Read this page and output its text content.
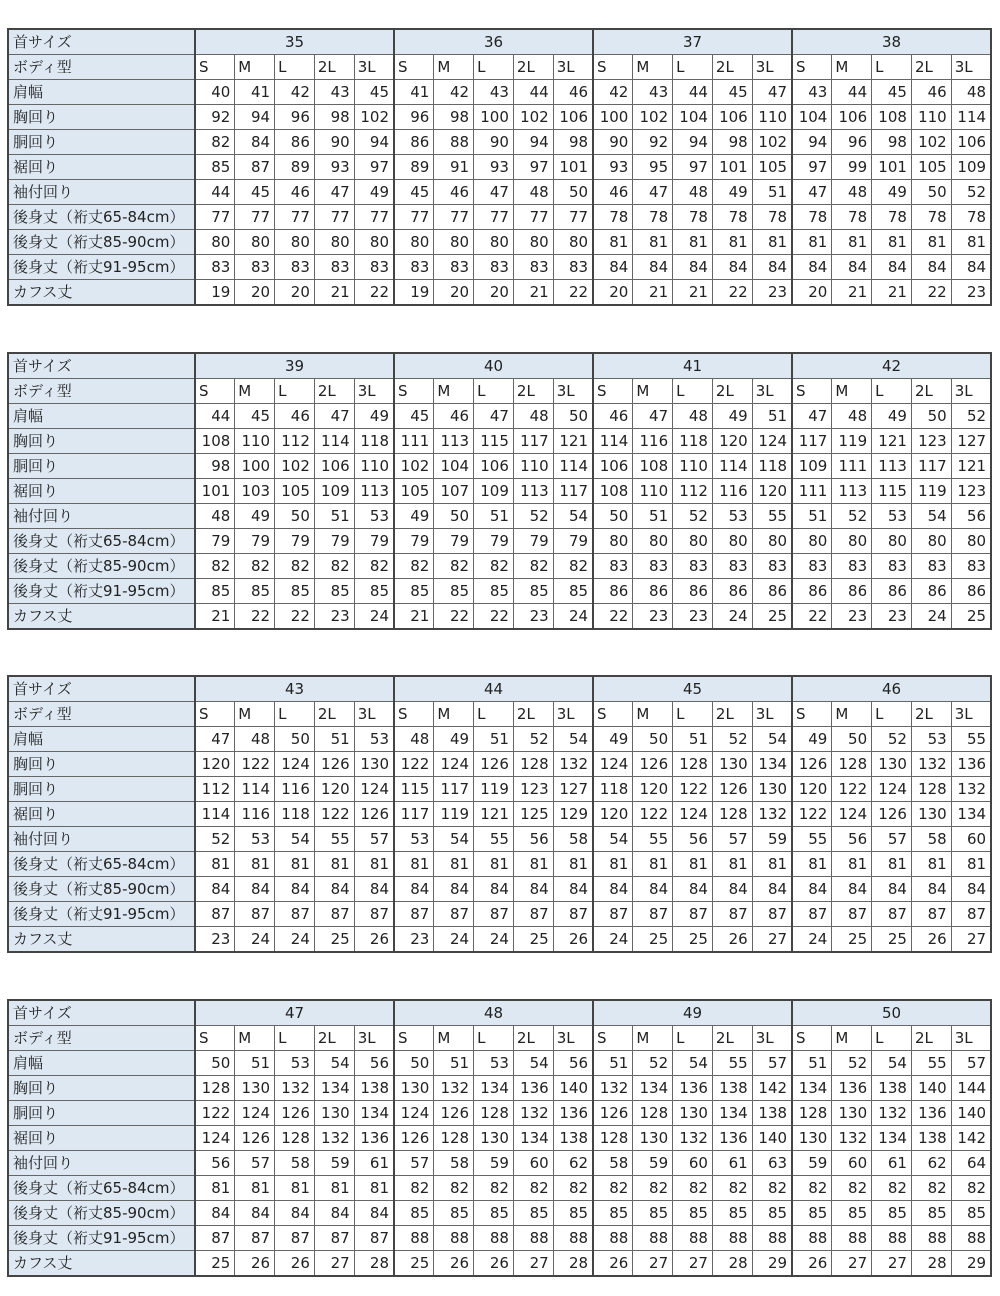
首サイズ	35					36					37					38				
ボディ型	S	M	L	2L	3L	S	M	L	2L	3L	S	M	L	2L	3L	S	M	L	2L	3L
肩幅	40	41	42	43	45	41	42	43	44	46	42	43	44	45	47	43	44	45	46	48
胸回り	92	94	96	98	102	96	98	100	102	106	100	102	104	106	110	104	106	108	110	114
胴回り	82	84	86	90	94	86	88	90	94	98	90	92	94	98	102	94	96	98	102	106
裾回り	85	87	89	93	97	89	91	93	97	101	93	95	97	101	105	97	99	101	105	109
袖付回り	44	45	46	47	49	45	46	47	48	50	46	47	48	49	51	47	48	49	50	52
後身丈（裄丈65-84cm）	77	77	77	77	77	77	77	77	77	77	78	78	78	78	78	78	78	78	78	78
後身丈（裄丈85-90cm）	80	80	80	80	80	80	80	80	80	80	81	81	81	81	81	81	81	81	81	81
後身丈（裄丈91-95cm）	83	83	83	83	83	83	83	83	83	83	84	84	84	84	84	84	84	84	84	84
カフス丈	19	20	20	21	22	19	20	20	21	22	20	21	21	22	23	20	21	21	22	23
首サイズ	39					40					41					42				
ボディ型	S	M	L	2L	3L	S	M	L	2L	3L	S	M	L	2L	3L	S	M	L	2L	3L
肩幅	44	45	46	47	49	45	46	47	48	50	46	47	48	49	51	47	48	49	50	52
胸回り	108	110	112	114	118	111	113	115	117	121	114	116	118	120	124	117	119	121	123	127
胴回り	98	100	102	106	110	102	104	106	110	114	106	108	110	114	118	109	111	113	117	121
裾回り	101	103	105	109	113	105	107	109	113	117	108	110	112	116	120	111	113	115	119	123
袖付回り	48	49	50	51	53	49	50	51	52	54	50	51	52	53	55	51	52	53	54	56
後身丈（裄丈65-84cm）	79	79	79	79	79	79	79	79	79	79	80	80	80	80	80	80	80	80	80	80
後身丈（裄丈85-90cm）	82	82	82	82	82	82	82	82	82	82	83	83	83	83	83	83	83	83	83	83
後身丈（裄丈91-95cm）	85	85	85	85	85	85	85	85	85	85	86	86	86	86	86	86	86	86	86	86
カフス丈	21	22	22	23	24	21	22	22	23	24	22	23	23	24	25	22	23	23	24	25
首サイズ	43					44					45					46				
ボディ型	S	M	L	2L	3L	S	M	L	2L	3L	S	M	L	2L	3L	S	M	L	2L	3L
肩幅	47	48	50	51	53	48	49	51	52	54	49	50	51	52	54	49	50	52	53	55
胸回り	120	122	124	126	130	122	124	126	128	132	124	126	128	130	134	126	128	130	132	136
胴回り	112	114	116	120	124	115	117	119	123	127	118	120	122	126	130	120	122	124	128	132
裾回り	114	116	118	122	126	117	119	121	125	129	120	122	124	128	132	122	124	126	130	134
袖付回り	52	53	54	55	57	53	54	55	56	58	54	55	56	57	59	55	56	57	58	60
後身丈（裄丈65-84cm）	81	81	81	81	81	81	81	81	81	81	81	81	81	81	81	81	81	81	81	81
後身丈（裄丈85-90cm）	84	84	84	84	84	84	84	84	84	84	84	84	84	84	84	84	84	84	84	84
後身丈（裄丈91-95cm）	87	87	87	87	87	87	87	87	87	87	87	87	87	87	87	87	87	87	87	87
カフス丈	23	24	24	25	26	23	24	24	25	26	24	25	25	26	27	24	25	25	26	27
首サイズ	47					48					49					50				
ボディ型	S	M	L	2L	3L	S	M	L	2L	3L	S	M	L	2L	3L	S	M	L	2L	3L
肩幅	50	51	53	54	56	50	51	53	54	56	51	52	54	55	57	51	52	54	55	57
胸回り	128	130	132	134	138	130	132	134	136	140	132	134	136	138	142	134	136	138	140	144
胴回り	122	124	126	130	134	124	126	128	132	136	126	128	130	134	138	128	130	132	136	140
裾回り	124	126	128	132	136	126	128	130	134	138	128	130	132	136	140	130	132	134	138	142
袖付回り	56	57	58	59	61	57	58	59	60	62	58	59	60	61	63	59	60	61	62	64
後身丈（裄丈65-84cm）	81	81	81	81	81	82	82	82	82	82	82	82	82	82	82	82	82	82	82	82
後身丈（裄丈85-90cm）	84	84	84	84	84	85	85	85	85	85	85	85	85	85	85	85	85	85	85	85
後身丈（裄丈91-95cm）	87	87	87	87	87	88	88	88	88	88	88	88	88	88	88	88	88	88	88	88
カフス丈	25	26	26	27	28	25	26	26	27	28	26	27	27	28	29	26	27	27	28	29
